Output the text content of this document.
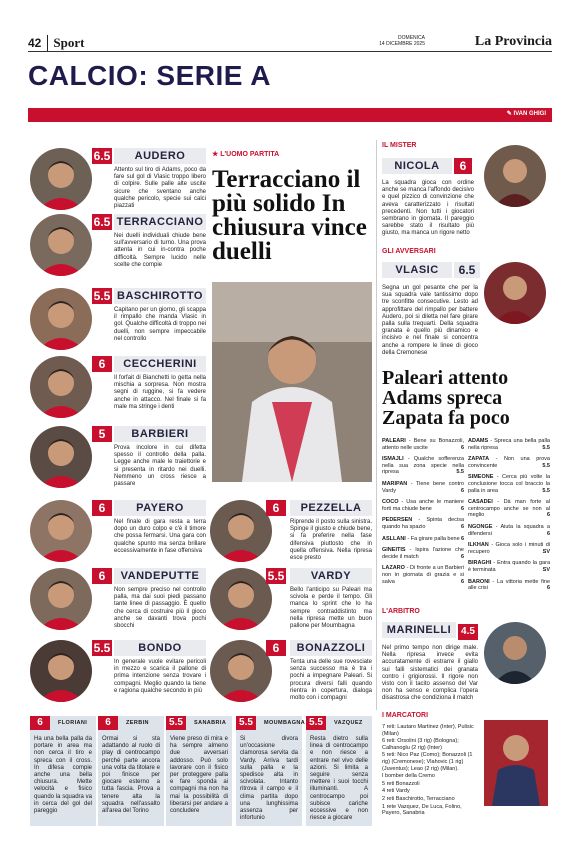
42 Sport	DOMENICA
14 DICEMBRE 2025	La Provincia
CALCIO: SERIE A
✎ IVAN GHIGI
6.5	AUDERO
Attento sul tiro di Adams, poco da fare sul gol di Vlasic troppo libero di colpire. Sulle palle alte uscite sicure che sventano anche qualche pericolo, specie sui calci piazzati
6.5 TERRACCIANO
Nei duelli individuali chiude bene sull'avversario di turno. Una prova attenta in cui in-contra poche difficoltà. Sempre lucido nelle scelte che compie
5.5 BASCHIROTTO
Capitano per un giorno, gli scappa il rimpallo che manda Vlasic in gol. Qualche difficoltà di troppo nei duelli, non sempre impeccabile nel controllo
6	CECCHERINI
Il forfait di Bianchetti lo getta nella mischia a sorpresa. Non mostra segni di ruggine, si fa vedere anche in attacco. Nel finale si fa male ma stringe i denti
5	BARBIERI
Prova incolore in cui difetta spesso il controllo della palla. Legge anche male le traiettorie e si presenta in ritardo nei duelli. Nemmeno un cross riesce a passare
6	PAYERO
Nel finale di gara resta a terra dopo un duro colpo e c'è il timore che possa fermarsi. Una gara con qualche spunto ma senza brillare eccessivamente in fase offensiva
6	VANDEPUTTE
Non sempre preciso nel controllo palla, ma dai suoi piedi passano tante linee di passaggio. È quello che cerca di costruire più il gioco anche se davanti trova pochi sbocchi
5.5	BONDO
In generale vuole evitare pericoli in mezzo e scarica il pallone di prima intenzione senza trovare i compagni. Meglio quando la tiene e ragiona qualche secondo in più
6	PEZZELLA
Riprende il posto sulla sinistra. Spinge il giusto e chiude bene, si fa preferire nella fase difensiva piuttosto che in quella offensiva. Nella ripresa esce presto
5.5	VARDY
Bello l'anticipo su Paleari ma scivola e perde il tempo. Gli manca lo sprint che lo ha sempre contraddistinto ma nella ripresa mette un buon pallone per Moumbagna
6	BONAZZOLI
Tenta una delle sue rovesciate senza successo ma è tra i pochi a impegnare Paleari. Si procura diversi falli quando rientra in copertura, dialoga molto con i compagni
★ L'UOMO PARTITA
Terracciano il più solido In chiusura vince duelli
IL MISTER
NICOLA	6
La squadra gioca con ordine anche se manca l'affondo decisivo e quel pizzico di convinzione che aveva caratterizzato i risultati precedenti. Non tutti i giocatori sembrano in giornata. Il pareggio sarebbe stato il risultato più giusto, ma manca un rigore netto
GLI AVVERSARI
VLASIC	6.5
Segna un gol pesante che per la sua squadra vale tantissimo dopo tre sconfitte consecutive. Lesto ad approfittare del rimpallo per battere Audero, poi si diletta nel fare girare palla sulla trequarti. Della squadra granata è quello più dinamico e incisivo e nel finale si concentra anche a rompere le linee di gioco della Cremonese
Paleari attento Adams spreca Zapata fa poco
PALEARI - Bene su Bonazzoli, attento nelle uscite	6
ISMAJLI - Qualche sofferenza nella sua zona specie nella ripresa	5.5
MARIPAN - Tiene bene contro Vardy	6
COCO - Usa anche le maniere forti ma chiude bene	6
PEDERSEN - Spinta decisa quando ha spazio	6
ASLLANI - Fa girare palla bene 6
GINEITIS - Ispira l'azione che decide il match	6
LAZARO - Di fronte a un Barbieri non in giornata di grazia e si salva	6
ADAMS - Spreca una bella palla nella ripresa	5.5
ZAPATA - Non una prova convincente	5.5
SIMEONE - Cerca più volte la conclusione tocca col braccio la palla in area	5.5
CASADEI - Dà man forte al centrocampo anche se non al meglio	6
NGONGE - Aiuta la squadra a difendersi	6
ILKHAN - Gioca solo i minuti di recupero	SV
BIRAGHI - Entra quando la gara è terminata	SV
BARONI - La vittoria mette fine alle crisi	6
L'ARBITRO
MARINELLI 4.5
Nel primo tempo non dirige male. Nella ripresa invece evita accuratamente di estrarre il giallo sui falli sistematici dei granata contro i grigiorossi. Il rigore non visto con il tacito assenso del Var non ha senso e complica l'opera disastrosa che condiziona il match
I MARCATORI
7 reti: Lautaro Martinez (Inter), Pulisic (Milan)
6 reti: Orsolini (3 rig) (Bologna); Calhanoglu (2 rig) (Inter)
5 reti: Nico Paz (Como); Bonazzoli (1 rig) (Cremonese); Vlahovic (1 rig) (Juventus); Leao (2 rig) (Milan).
I bomber della Cremo
5 reti Bonazzoli
4 reti Vardy
2 reti Baschirotto, Terracciano
1 rete Vazquez, De Luca, Folino, Payero, Sanabria
6	FLORIANI
Ha una bella palla da portare in area ma non cerca il tiro e spreca con il cross. In difesa compie anche una bella chiusura. Mette velocità e fisico quando la squadra va in cerca del gol del pareggio
6	ZERBIN
Ormai si sta adattando al ruolo di play di centrocampo perché parte ancora una volta da titolare e poi finisce per giocare esterno a tutta fascia. Prova a tenere alta la squadra nell'assalto all'area del Torino
5.5	SANABRIA
Viene preso di mira e ha sempre almeno due avversari addosso. Può solo lavorare con il fisico per proteggere palla e fare sponda ai compagni ma non ha mai la possibilità di liberarsi per andare a concludere
5.5	MOUMBAGNA
Si divora un'occasione clamorosa servita da Vardy. Arriva tardi sulla palla e la spedisce alta in scivolata. Intanto ritrova il campo e il clima partita dopo una lunghissima assenza per infortunio
5.5	VAZQUEZ
Resta dietro sulla linea di centrocampo e non riesce a entrare nel vivo delle azioni. Si limita a seguire senza mettere i suoi tocchi illuminanti. A centrocampo poi subisce cariche eccessive e non riesce a giocare
